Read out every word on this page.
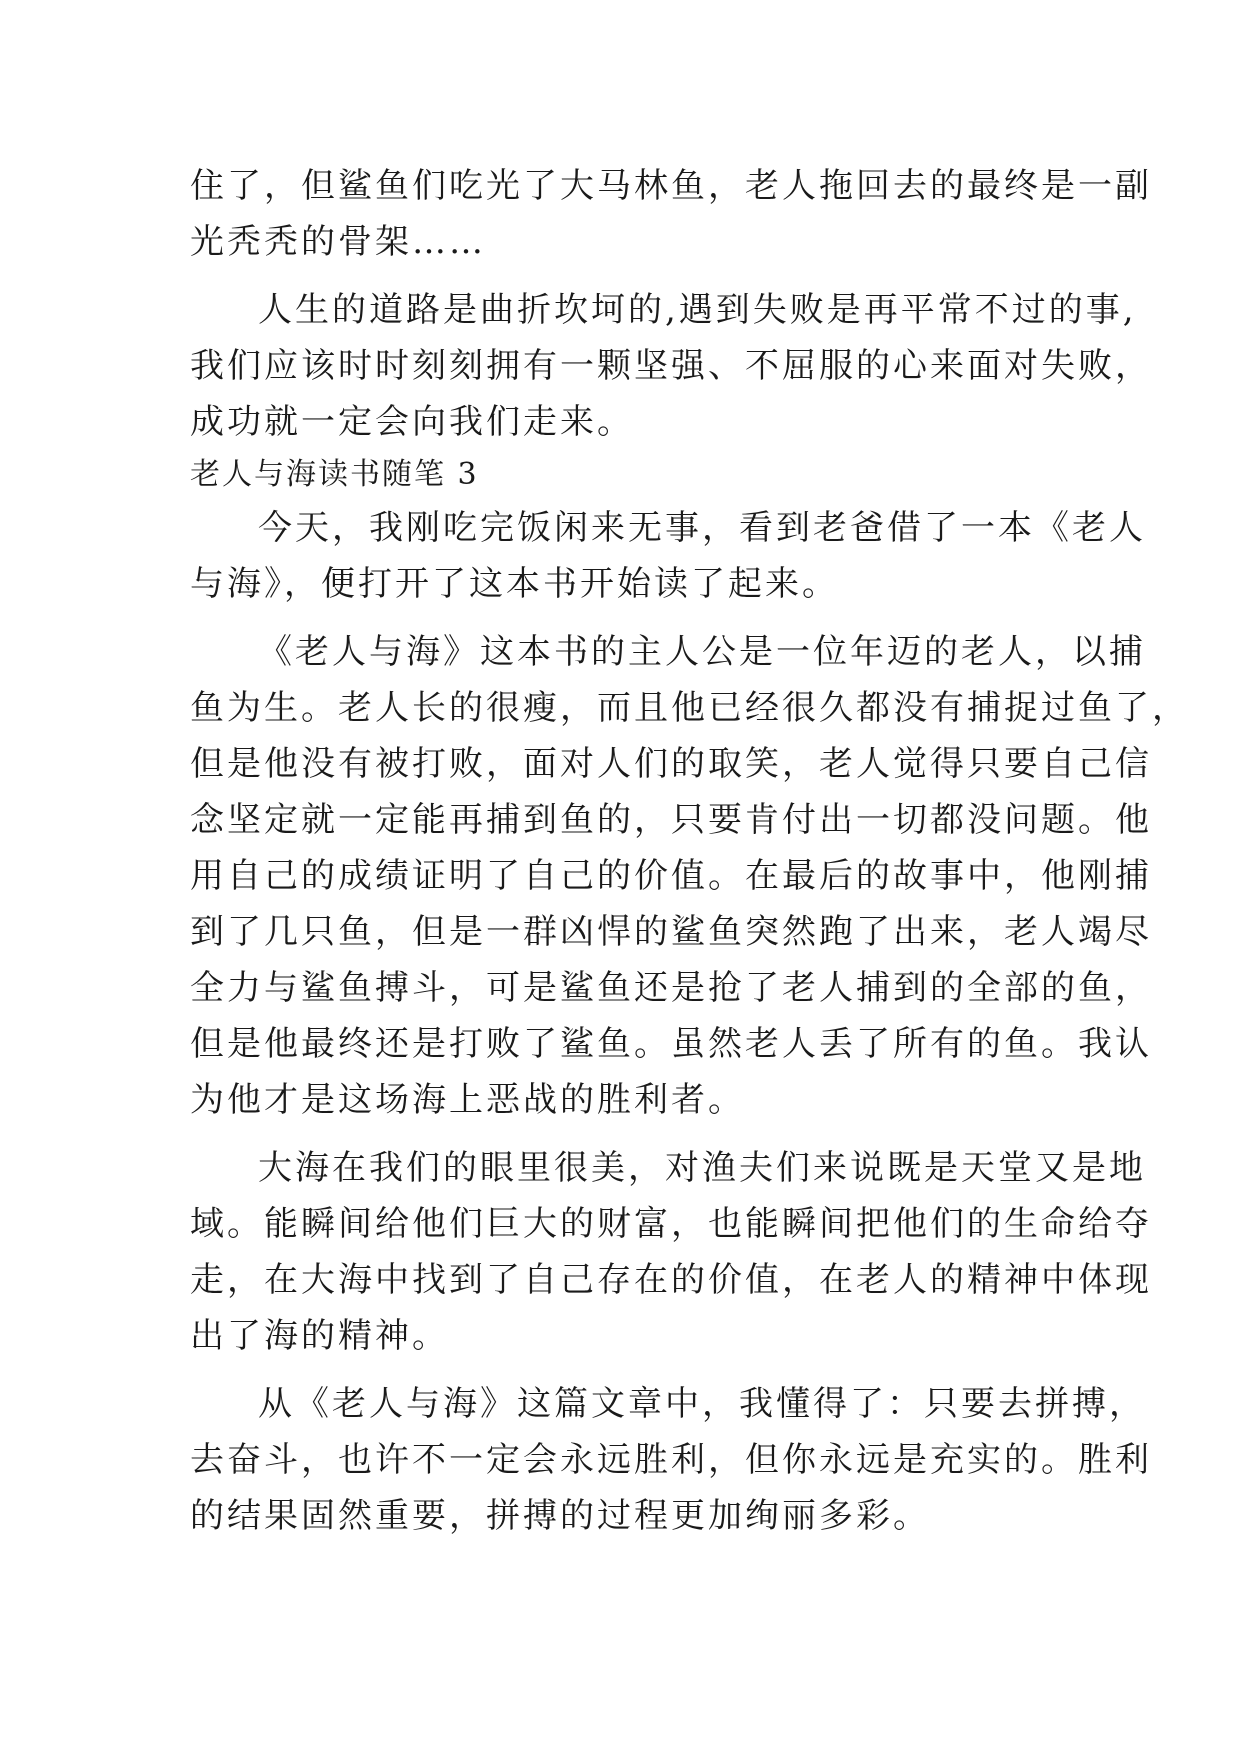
住了，但鲨鱼们吃光了大马林鱼，老人拖回去的最终是一副
光秃秃的骨架……
人生的道路是曲折坎坷的,遇到失败是再平常不过的事,
我们应该时时刻刻拥有一颗坚强、不屈服的心来面对失败，
成功就一定会向我们走来。
老人与海读书随笔 3
今天，我刚吃完饭闲来无事，看到老爸借了一本《老人
与海》，便打开了这本书开始读了起来。
《老人与海》这本书的主人公是一位年迈的老人，以捕
鱼为生。老人长的很瘦，而且他已经很久都没有捕捉过鱼了，
但是他没有被打败，面对人们的取笑，老人觉得只要自己信
念坚定就一定能再捕到鱼的，只要肯付出一切都没问题。他
用自己的成绩证明了自己的价值。在最后的故事中，他刚捕
到了几只鱼，但是一群凶悍的鲨鱼突然跑了出来，老人竭尽
全力与鲨鱼搏斗，可是鲨鱼还是抢了老人捕到的全部的鱼，
但是他最终还是打败了鲨鱼。虽然老人丢了所有的鱼。我认
为他才是这场海上恶战的胜利者。
大海在我们的眼里很美，对渔夫们来说既是天堂又是地
域。能瞬间给他们巨大的财富，也能瞬间把他们的生命给夺
走，在大海中找到了自己存在的价值，在老人的精神中体现
出了海的精神。
从《老人与海》这篇文章中，我懂得了：只要去拼搏，
去奋斗，也许不一定会永远胜利，但你永远是充实的。胜利
的结果固然重要，拼搏的过程更加绚丽多彩。
